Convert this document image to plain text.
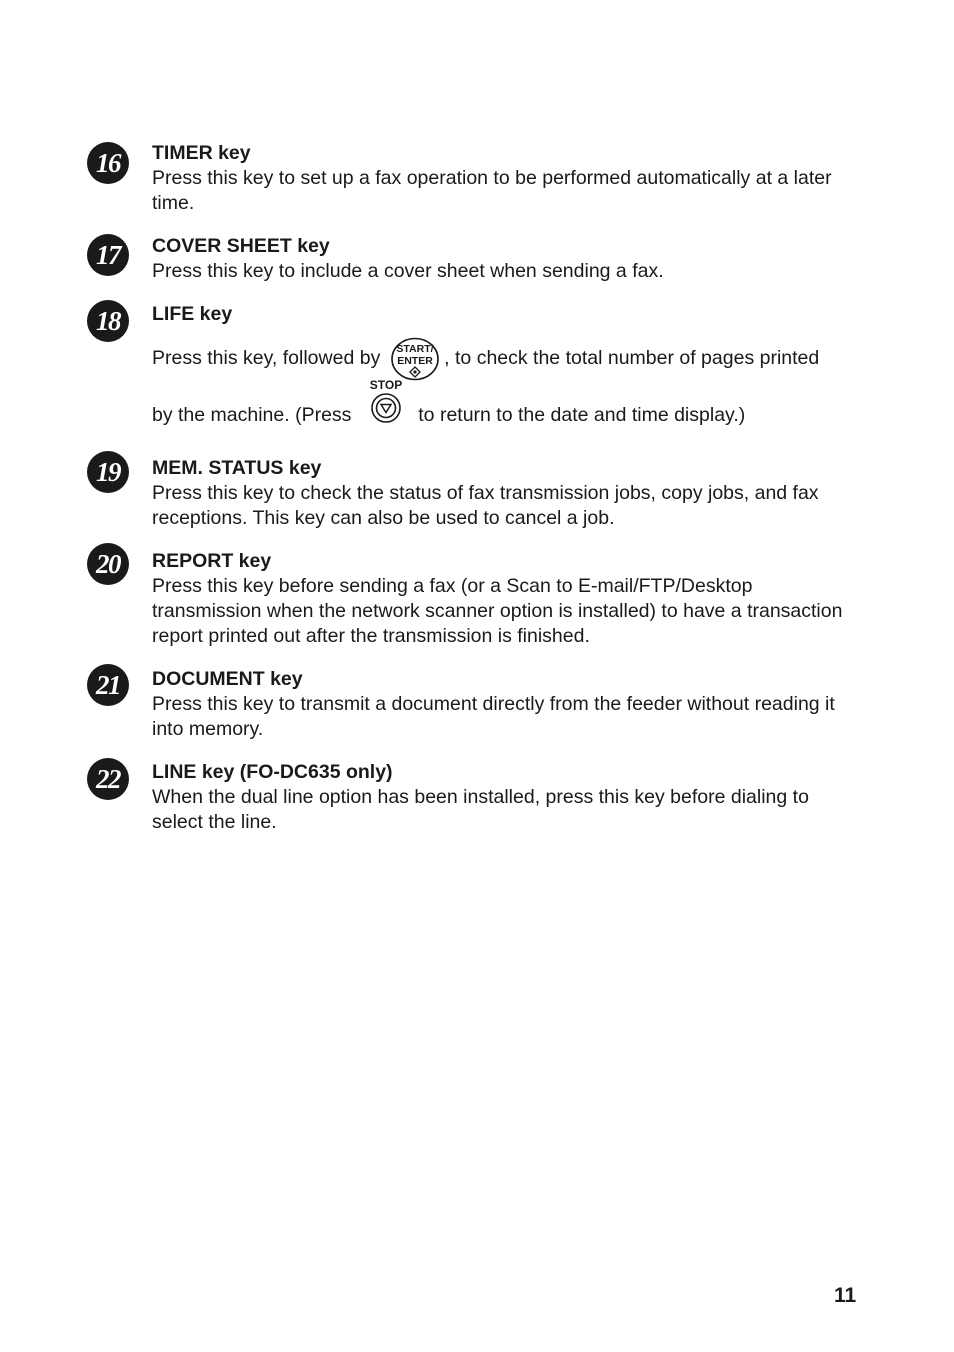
16	TIMER key
Press this key to set up a fax operation to be performed automatically at a later time.
17	COVER SHEET key
Press this key to include a cover sheet when sending a fax.
18	LIFE key
Press this key, followed by START/
ENTER , to check the total number of pages printed
by the machine. (Press
STOP
to return to the date and time display.)
19	MEM. STATUS key
Press this key to check the status of fax transmission jobs, copy jobs, and fax receptions. This key can also be used to cancel a job.
20	REPORT key
Press this key before sending a fax (or a Scan to E-mail/FTP/Desktop transmission when the network scanner option is installed) to have a transaction report printed out after the transmission is finished.
21	DOCUMENT key
Press this key to transmit a document directly from the feeder without reading it into memory.
22	LINE key (FO-DC635 only)
When the dual line option has been installed, press this key before dialing to select the line.
11
